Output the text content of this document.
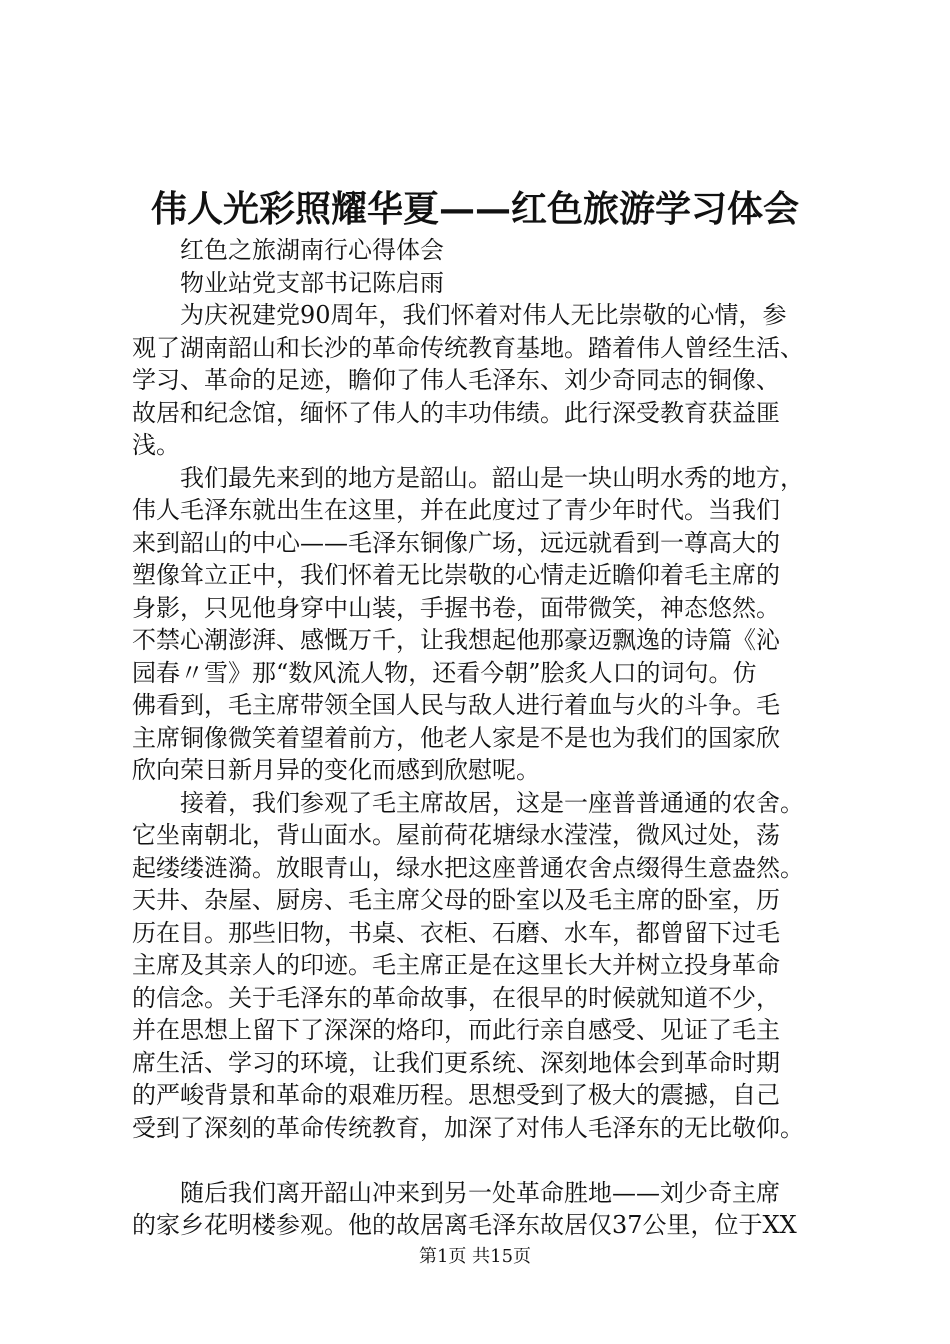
伟人光彩照耀华夏——红色旅游学习体会
　　红色之旅湖南行心得体会
　　物业站党支部书记陈启雨
　　为庆祝建党90周年，我们怀着对伟人无比崇敬的心情，参
观了湖南韶山和长沙的革命传统教育基地。踏着伟人曾经生活、
学习、革命的足迹，瞻仰了伟人毛泽东、刘少奇同志的铜像、
故居和纪念馆，缅怀了伟人的丰功伟绩。此行深受教育获益匪
浅。
　　我们最先来到的地方是韶山。韶山是一块山明水秀的地方，
伟人毛泽东就出生在这里，并在此度过了青少年时代。当我们
来到韶山的中心——毛泽东铜像广场，远远就看到一尊高大的
塑像耸立正中，我们怀着无比崇敬的心情走近瞻仰着毛主席的
身影，只见他身穿中山装，手握书卷，面带微笑，神态悠然。
不禁心潮澎湃、感慨万千，让我想起他那豪迈飘逸的诗篇《沁
园春〃雪》那“数风流人物，还看今朝”脍炙人口的词句。仿
佛看到，毛主席带领全国人民与敌人进行着血与火的斗争。毛
主席铜像微笑着望着前方，他老人家是不是也为我们的国家欣
欣向荣日新月异的变化而感到欣慰呢。
　　接着，我们参观了毛主席故居，这是一座普普通通的农舍。
它坐南朝北，背山面水。屋前荷花塘绿水滢滢，微风过处，荡
起缕缕涟漪。放眼青山，绿水把这座普通农舍点缀得生意盎然。
天井、杂屋、厨房、毛主席父母的卧室以及毛主席的卧室，历
历在目。那些旧物，书桌、衣柜、石磨、水车，都曾留下过毛
主席及其亲人的印迹。毛主席正是在这里长大并树立投身革命
的信念。关于毛泽东的革命故事，在很早的时候就知道不少，
并在思想上留下了深深的烙印，而此行亲自感受、见证了毛主
席生活、学习的环境，让我们更系统、深刻地体会到革命时期
的严峻背景和革命的艰难历程。思想受到了极大的震撼，自己
受到了深刻的革命传统教育，加深了对伟人毛泽东的无比敬仰。
　　随后我们离开韶山冲来到另一处革命胜地——刘少奇主席
的家乡花明楼参观。他的故居离毛泽东故居仅37公里，位于XX
第1页 共15页
